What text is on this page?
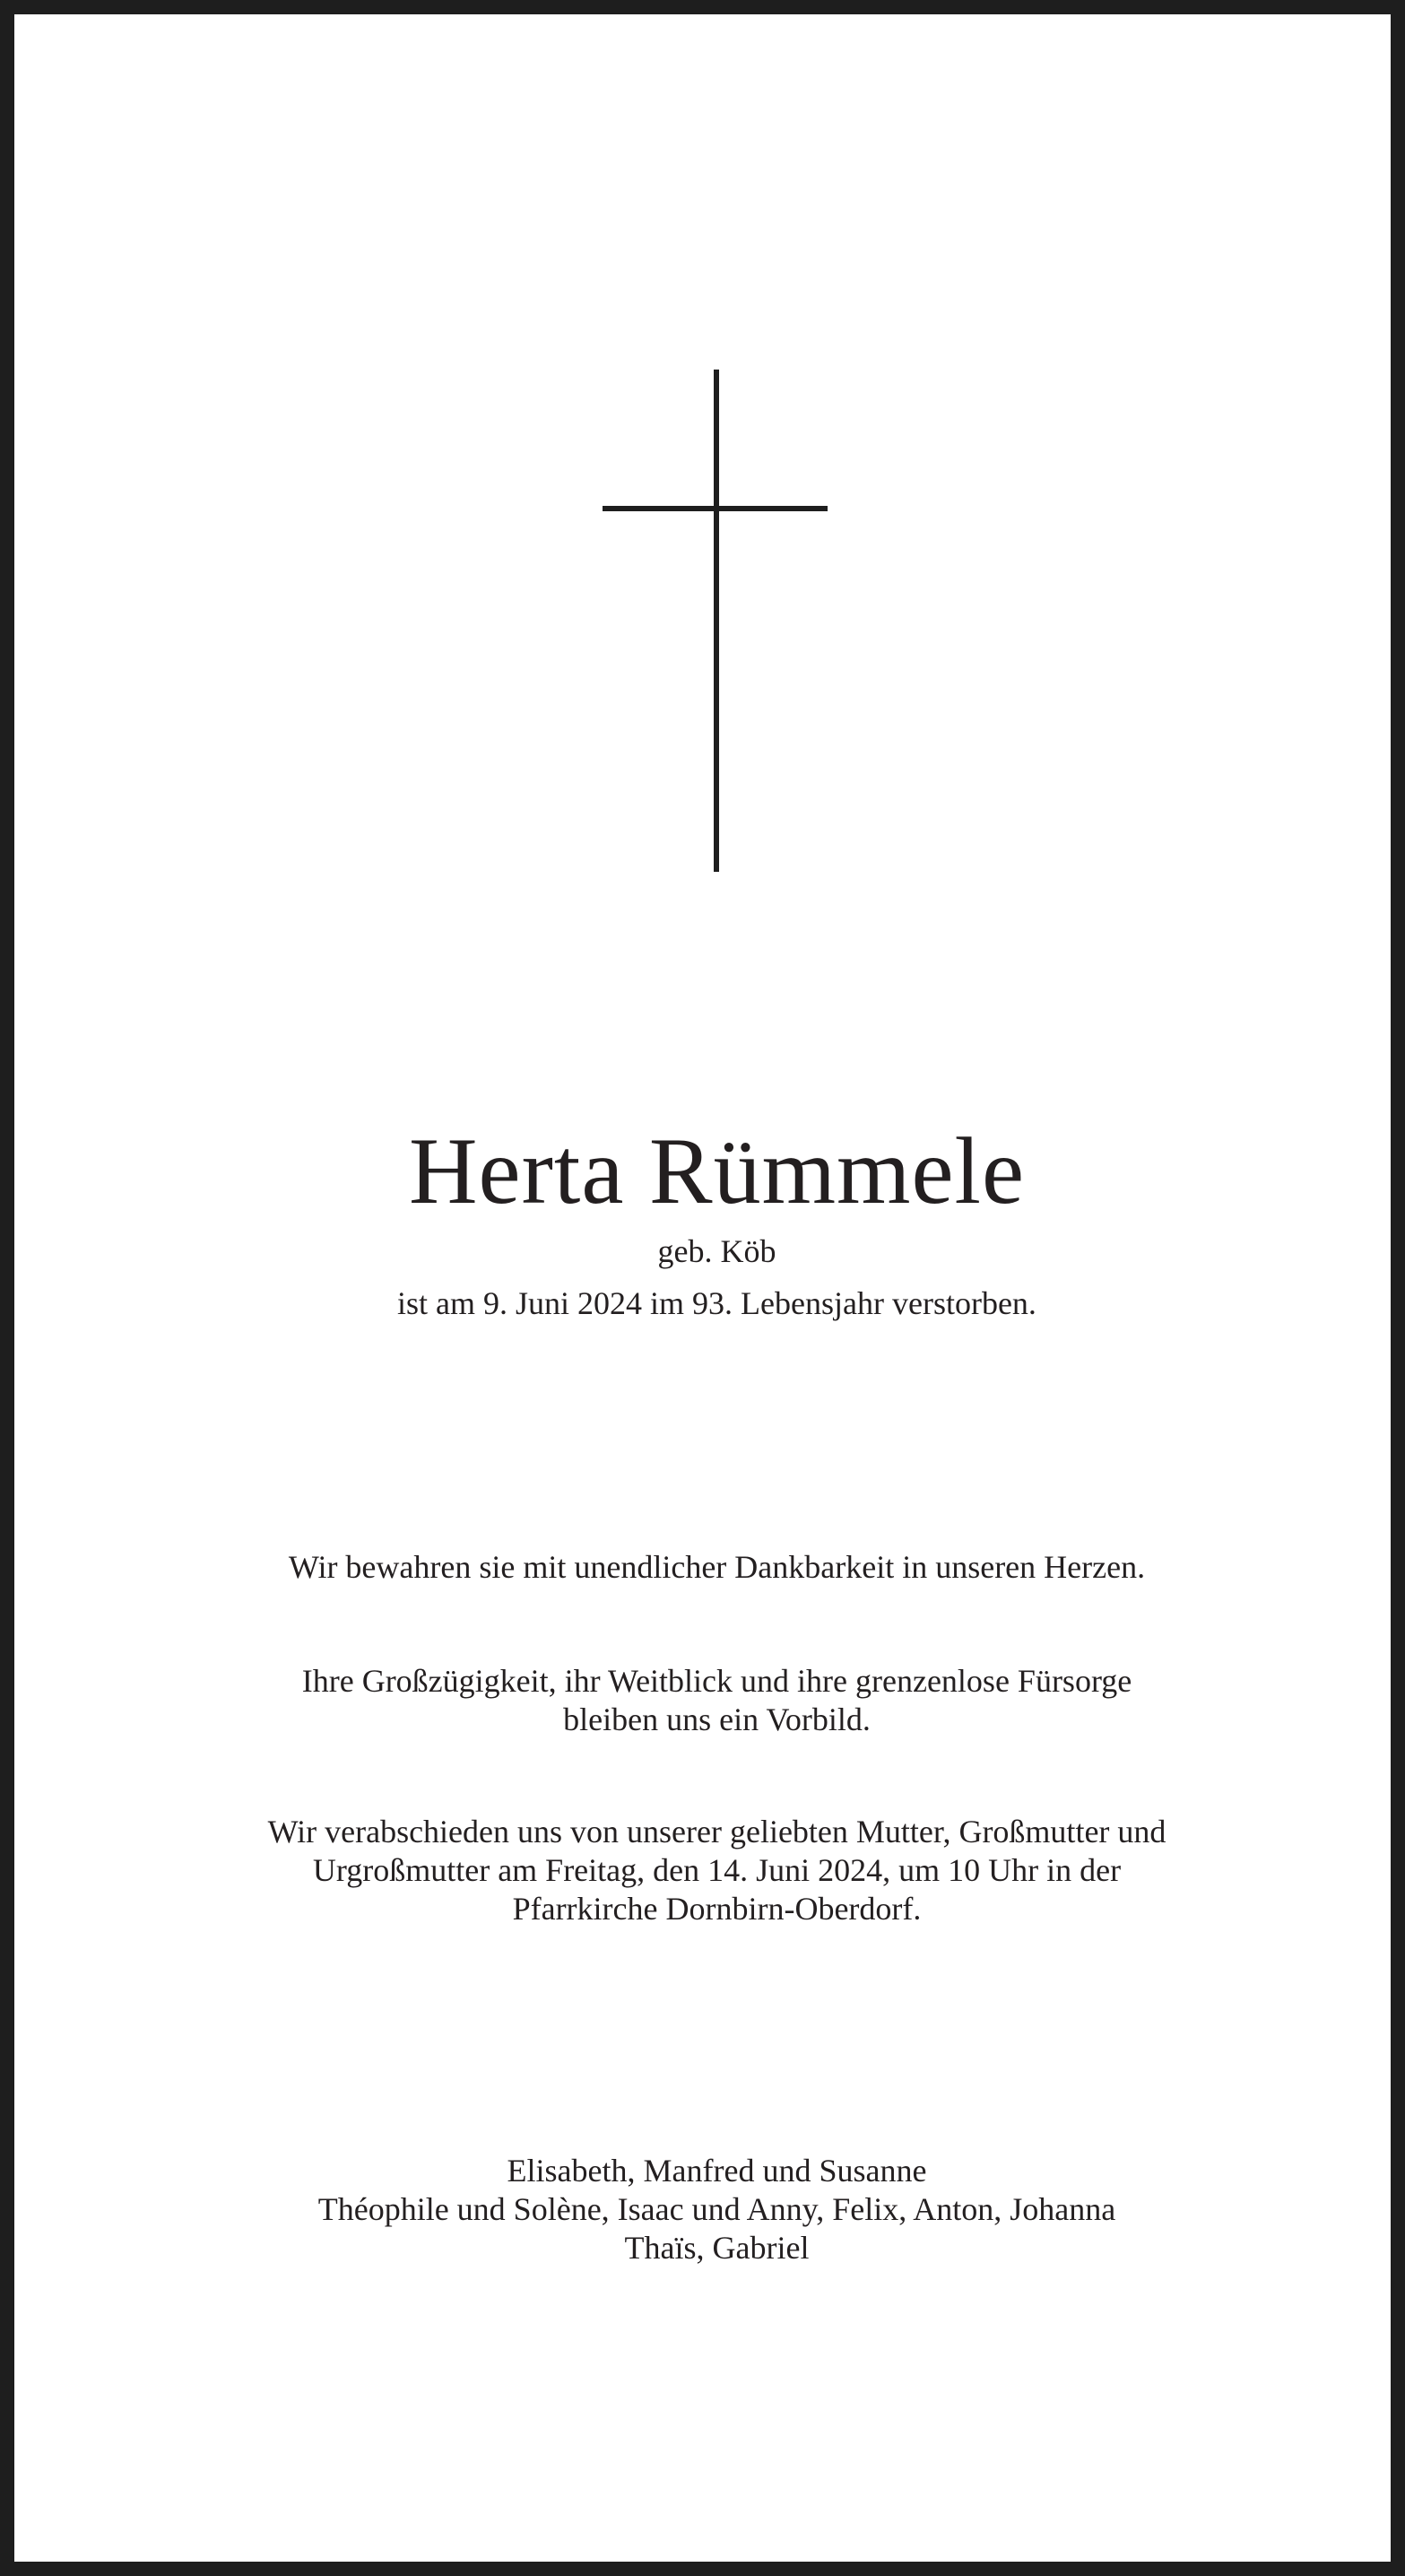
Herta Rümmele
geb. Köb
ist am 9. Juni 2024 im 93. Lebensjahr verstorben.
Wir bewahren sie mit unendlicher Dankbarkeit in unseren Herzen.
Ihre Großzügigkeit, ihr Weitblick und ihre grenzenlose Fürsorge
bleiben uns ein Vorbild.
Wir verabschieden uns von unserer geliebten Mutter, Großmutter und
Urgroßmutter am Freitag, den 14. Juni 2024, um 10 Uhr in der
Pfarrkirche Dornbirn-Oberdorf.
Elisabeth, Manfred und Susanne
Théophile und Solène, Isaac und Anny, Felix, Anton, Johanna
Thaïs, Gabriel
